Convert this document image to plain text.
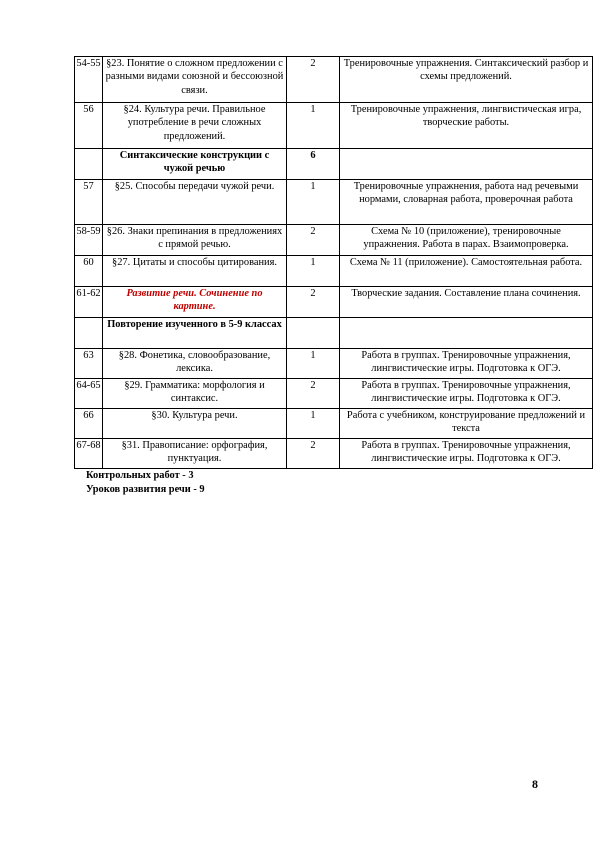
54-55	§23. Понятие о сложном предложении с разными видами союзной и бессоюзной связи.	2	Тренировочные упражнения. Синтаксический разбор и схемы предложений.
56	§24. Культура речи. Правильное употребление в речи сложных предложений.	1	Тренировочные упражнения, лингвистическая игра, творческие работы.
	Синтаксические конструкции с чужой речью	6	
57	§25. Способы передачи чужой речи.	1	Тренировочные упражнения, работа над речевыми нормами, словарная работа, проверочная работа
58-59	§26. Знаки препинания в предложениях с прямой речью.	2	Схема № 10 (приложение), тренировочные упражнения. Работа в парах. Взаимопроверка.
60	§27. Цитаты и способы цитирования.	1	Схема № 11 (приложение). Самостоятельная работа.
61-62	Развитие речи. Сочинение по картине.	2	Творческие задания. Составление плана сочинения.
	Повторение изученного в 5-9 классах		
63	§28. Фонетика, словообразование, лексика.	1	Работа в группах. Тренировочные упражнения, лингвистические игры. Подготовка к ОГЭ.
64-65	§29. Грамматика: морфология и синтаксис.	2	Работа в группах. Тренировочные упражнения, лингвистические игры. Подготовка к ОГЭ.
66	§30. Культура речи.	1	Работа с учебником, конструирование предложений и текста
67-68	§31. Правописание: орфография, пунктуация.	2	Работа в группах. Тренировочные упражнения, лингвистические игры. Подготовка к ОГЭ.
Контрольных работ - 3
Уроков развития речи - 9
8
